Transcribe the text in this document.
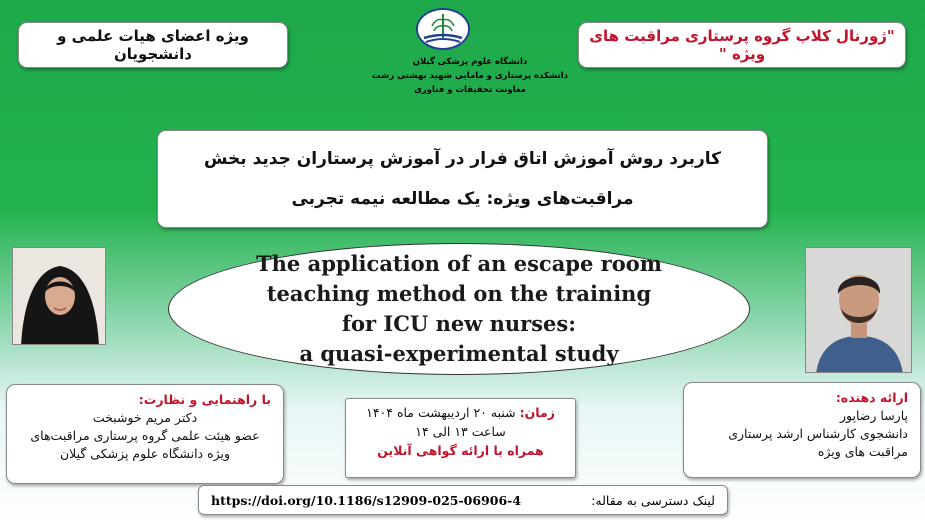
ویژه اعضای هیات علمی و دانشجویان
"ژورنال کلاب گروه پرستاری مراقبت های ویژه "
دانشگاه علوم پزشکی گیلان
دانشکده پرستاری و مامایی شهید بهشتی رشت
معاونت تحقیقات و فناوری
کاربرد روش آموزش اتاق فرار در آموزش پرستاران جدید بخش
مراقبت‌های ویژه: یک مطالعه نیمه تجربی
The application of an escape room
teaching method on the training
for ICU new nurses:
a quasi-experimental study
با راهنمایی و نظارت:
دکتر مریم خوشبخت
عضو هیئت علمی گروه پرستاری مراقبت‌های
ویژه دانشگاه علوم پزشکی گیلان
زمان:
شنبه ۲۰ اردیبهشت ماه ۱۴۰۴
ساعت ۱۳ الی ۱۴
همراه با ارائه گواهی آنلاین
ارائه دهنده:
پارسا رضاپور
دانشجوی کارشناس ارشد پرستاری
مراقبت های ویژه
https://doi.org/10.1186/s12909-025-06906-4	لینک دسترسی به مقاله:
